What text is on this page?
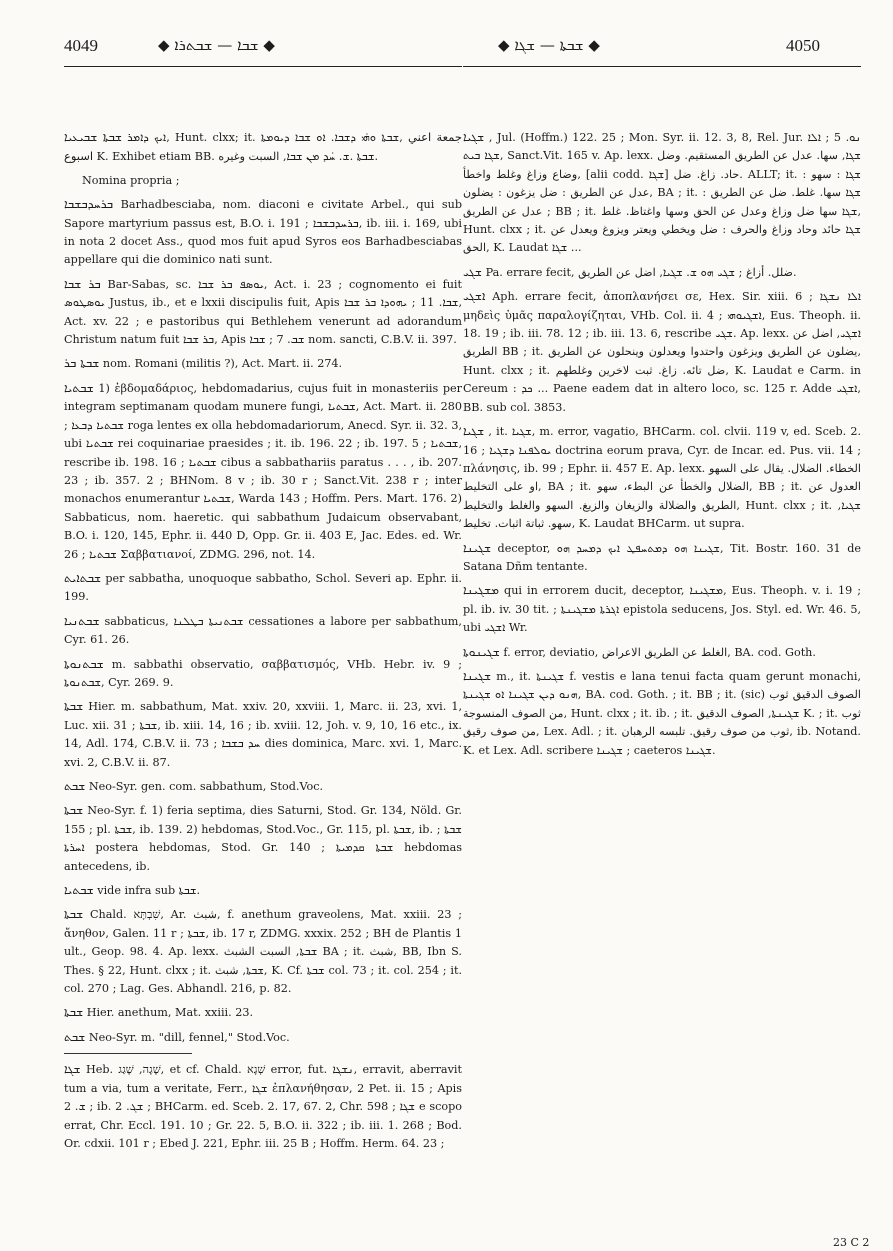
4049	◆ ܫܒܐ — ܫܒܬܪܐ ◆	◆ ܫܒܬܐ — ܫܓܐ ◆	4050

ܫܒܬܐ ܫܒܝܥܝܐ ܐܝܟ ܕܐܡܪ, Hunt. clxx; it. ܫܒܬܐ ܘܗ̇ܝ ܕܫܒܐ. ܐܘ ܫܒܐ ܕܝܘܡܬܐ, جمعة اعني اسبوع K. Exhibet etiam BB. ܫܒܬܐ .ܫ. ܚ̇ܕ ܡܢ ܫܒܐ, السبت وغيره.

Nomina propria ;

ܒܪܚܕܒܫܒܐ Barhadbesciaba, nom. diaconi e civitate Arbel., qui sub Sapore martyrium passus est, B.O. i. 191 ; ܒܪܚܕܒܫܒܐ, ib. iii. i. 169, ubi in nota 2 docet Ass., quod mos fuit apud Syros eos Barhadbesciabas appellare qui die dominico nati sunt.

ܒܪ ܫܒܐ Bar-Sabas, sc. ܝܘܣܦ ܒܪ ܫܒܐ, Act. i. 23 ; cognomento ei fuit ܝܘܣܛܘܣ Justus, ib., et e lxxii discipulis fuit, Apis ܫܒܐ. 11 ; ܝܗܘܕܐ ܒܪ ܫܒܐ, Act. xv. 22 ; e pastoribus qui Bethlehem venerunt ad adorandum Christum natum fuit ܒܪ ܫܒܐ, Apis ܫܒ. 7 ; ܫܒܐ nom. sancti, C.B.V. ii. 397.

ܫܒܬܐ ܒܪ nom. Romani (militis ?), Act. Mart. ii. 274.

ܫܒܬܝܐ 1) ἑβδομαδάριος, hebdomadarius, cujus fuit in monasteriis per integram septimanam quodam munere fungi, ܫܒܬܝܐ, Act. Mart. ii. 280 ; ܫܒܬܝܐ ܕܒܥܐ roga lentes ex olla hebdomadariorum, Anecd. Syr. ii. 32. 3, ubi ܫܒܬܝܐ rei coquinariae praesides ; it. ib. 196. 22 ; ib. 197. 5 ; ܫܒܬܝܐ, rescribe ib. 198. 16 ; ܫܒܬܝܐ cibus a sabbathariis paratus . . . , ib. 207. 23 ; ib. 357. 2 ; BHNom. 8 v ; ib. 30 r ; Sanct.Vit. 238 r ; inter monachos enumerantur ܫܒܬܝܐ, Warda 143 ; Hoffm. Pers. Mart. 176. 2) Sabbaticus, nom. haeretic. qui sabbathum Judaicum observabant, B.O. i. 120, 145, Ephr. ii. 440 D, Opp. Gr. ii. 403 E, Jac. Edes. ed. Wr. 26 ; ܫܒܬܝܐ Σαββατιανοί, ZDMG. 296, not. 14.

ܫܒܬܐܝܬ per sabbatha, unoquoque sabbatho, Schol. Severi ap. Ephr. ii. 199.

ܫܒܬܢܝܐ sabbaticus, ܫܒܬܢܝܬܐ ܒܛܠܢܐ cessationes a labore per sabbathum, Cyr. 61. 26.

ܫܒܬܢܘܬܐ m. sabbathi observatio, σαββατισμός, VHb. Hebr. iv. 9 ; ܫܒܬܢܘܬܐ, Cyr. 269. 9.

ܫܒܬܐ Hier. m. sabbathum, Mat. xxiv. 20, xxviii. 1, Marc. ii. 23, xvi. 1, Luc. xii. 31 ; ܫܒܬܐ, ib. xiii. 14, 16 ; ib. xviii. 12, Joh. v. 9, 10, 16 etc., ix. 14, Adl. 174, C.B.V. ii. 73 ; ܚܕ ܒܫܒܐ dies dominica, Marc. xvi. 1, Marc. xvi. 2, C.B.V. ii. 87.

ܫܒܬ Neo-Syr. gen. com. sabbathum, Stod.Voc.

ܫܒܬܐ Neo-Syr. f. 1) feria septima, dies Saturni, Stod. Gr. 134, Nöld. Gr. 155 ; pl. ܫܒܬܐ, ib. 139. 2) hebdomas, Stod.Voc., Gr. 115, pl. ܫܒܬܐ, ib. ; ܫܒܬܐ ܐܚܪܬܐ postera hebdomas, Stod. Gr. 140 ; ܫܒܬܐ ܩܕܡܝܬܐ hebdomas antecedens, ib.

ܫܒܬܝܐ vide infra sub ܫܒܬܐ.

ܫܒܬܐ Chald. שִׁבְתָּא, Ar. شبث, f. anethum graveolens, Mat. xxiii. 23 ; ἄνηθον, Galen. 11 r ; ܫܒܬܐ, ib. 17 r, ZDMG. xxxix. 252 ; BH de Plantis 1 ult., Geop. 98. 4. Ap. lexx. ܫܒܬܐ, السبت الشبث BA ; it. شبث, BB, Ibn S. Thes. § 22, Hunt. clxx ; it. ܫܒܬܐ, شبث, K. Cf. ܫܒܬܐ col. 73 ; it. col. 254 ; it. col. 270 ; Lag. Ges. Abhandl. 216, p. 82.

ܫܒܬܐ Hier. anethum, Mat. xxiii. 23.

ܫܒܬ Neo-Syr. m. "dill, fennel," Stod.Voc.

ܫܓܐ Heb. שָׁגָה, שָׁגַג, et cf. Chald. שְׁגָא error, fut. ܢܫܓܐ, erravit, aberravit tum a via, tum a veritate, Ferr., ܫܓܐ ἐπλανήθησαν, 2 Pet. ii. 15 ; Apis ܫ. 2 ; ib. ܫܓ. 2 ; BHCarm. ed. Sceb. 2. 17, 67. 2, Chr. 598 ; ܫܓܐ e scopo errat, Chr. Eccl. 191. 10 ; Gr. 22. 5, B.O. ii. 322 ; ib. iii. 1. 268 ; Bod. Or. cdxii. 101 r ; Ebed J. 221, Ephr. iii. 25 B ; Hoffm. Herm. 64. 23 ;

ܫܓܝܐ , Jul. (Hoffm.) 122. 25 ; Mon. Syr. ii. 12. 3, 8, Rel. Jur. ܢܘ. 5 ; ܐܠܐ ܫܓܐ ܒܝܬ, Sanct.Vit. 165 v. Ap. lexx. ܫܓܐ, سها. عدل عن الطريق المستقيم. وضل وضاع وزاغ وغلط واخطأ, [alii codd. ܫܓܐ] حاد. زاغ. ضل. ALLT; it. ܫܓܐ : سهو : عدل عن الطريق : ضل يزغون : يضلون, BA ; it. ܫܓܐ سها. غلط. ضل عن الطريق : عدل عن الطريق ; BB ; it. ܫܓܐ سها ضل وزاغ وعدل عن الحق وسها واغتاظ. غلط, Hunt. clxx ; it. ܫܓܐ حائد وحاد وزاغ والحرف : ضل ويخطي ويعتر ويزوغ ويعدل عن الحق, K. Laudat ܫܓܐ ...

ܫܓܝ Pa. errare fecit, ضلل. أزاغ ; ܫܓܝ ܗܘ ܫ. ܫܓܝܐ, اضل عن الطريق.

ܐܫܓܝ Aph. errare fecit, ἀποπλανήσει σε, Hex. Sir. xiii. 6 ; ܐܠܐ ܢܫܓܐ μηδεὶς ὑμᾶς παραλογίζηται, VHb. Col. ii. 4 ; ܐܫܓܝܘܗܝ, Eus. Theoph. ii. 18. 19 ; ib. iii. 78. 12 ; ib. iii. 13. 6, rescribe ܫܓܝ. Ap. lexx. ܐܫܓܝ, اضل عن الطريق BB ; it. يضلون عن الطريق ويزغون واحتدوا ويعدلون وينحلون عن الطريق, Hunt. clxx ; it. ضل تائه. زاغ. ثبت لاخرين وغلطهم, K. Laudat e Carm. in Cereum : ܟܕ ... Paene eadem dat in altero loco, sc. 125 r. Adde ܐܫܓܝ, BB. sub col. 3853.

ܫܓܝܐ , it. ܫܓܝܐ, m. error, vagatio, BHCarm. col. clvii. 119 v, ed. Sceb. 2. 16 ; ܝܘܠܦܢܐ ܕܫܓܝܐ doctrina eorum prava, Cyr. de Incar. ed. Pus. vii. 14 ; πλάνησις, ib. 99 ; Ephr. ii. 457 E. Ap. lexx. الخطاء. الضلال. يقال على السهو او على التخليط, BA ; it. الضلال والخطأ عن البطء، سهو, BB ; it. العدول عن الطريق والضلالة والزيغان والزيغ. السهو والغلط والتخليط, Hunt. clxx ; it. ܫܓܝܐ, سهو. ثباتة اثبات. تخليط, K. Laudat BHCarm. ut supra.

ܫܓܝܢܐ deceptor, ܫܓܝܢܐ ܗܘ ܕܡܬܚܦܛ ܐܝܟ ܕܡܚܕ ܗܘ, Tit. Bostr. 160. 31 de Satana Dñm tentante.

ܡܫܓܝܢܐ qui in errorem ducit, deceptor, ܡܫܓܝܢܐ, Eus. Theoph. v. i. 19 ; pl. ib. iv. 30 tit. ; ܐܓܪܬܐ ܡܫܓܝܢܬܐ epistola seducens, Jos. Styl. ed. Wr. 46. 5, ubi ܐܫܓܝ Wr.

ܫܓܝܢܘܬܐ f. error, deviatio, الغلط عن الطريق الاعراض, BA. cod. Goth.

ܫܓܝܢܐ m., it. ܫܓܝܢܬܐ f. vestis e lana tenui facta quam gerunt monachi, ܗܢܘ ܕܝܢ ܫܓܝܢܐ ܐܘ ܫܓܝܢܬܐ, BA. cod. Goth. ; it. BB ; it. (sic) الصوف الدقيق ثوب من الصوف المنسوجة, Hunt. clxx ; it. ib. ; it. ܫܓܝܢܬܐ, الصوف الدقيق K. ; it. ثوب من صوف رقيق, Lex. Adl. ; it. ثوب من صوف رقيق. تلبسه الرهبان, ib. Notand. K. et Lex. Adl. scribere ܫܓܝܢܐ ; caeteros ܫܓܝܢܐ.

23 C 2
